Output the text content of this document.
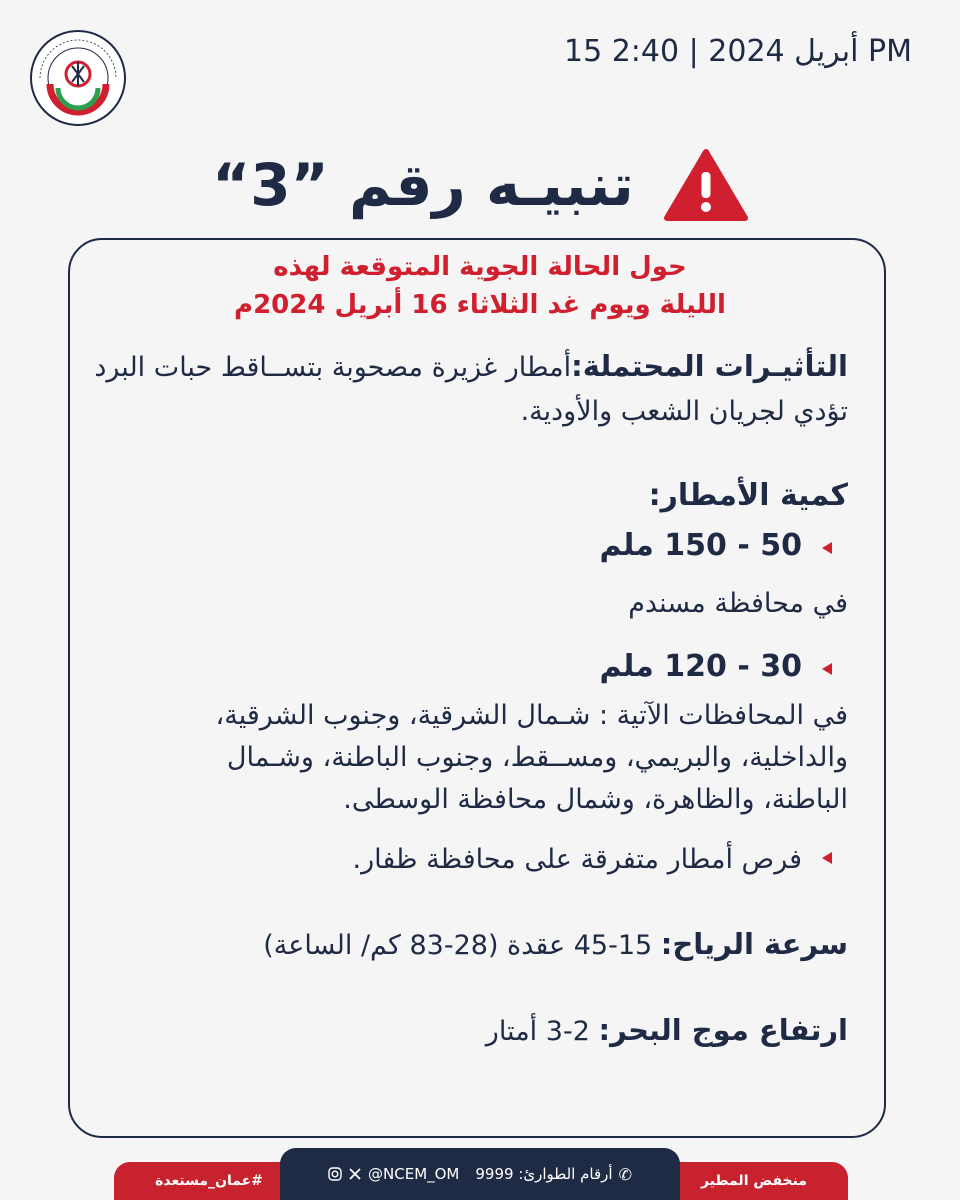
15 أبريل 2024 | 2:40 PM
تنبيـه رقم ”3“
حول الحالة الجوية المتوقعة لهذه
الليلة ويوم غد الثلاثاء 16 أبريل 2024م
التأثيـرات المحتملة:أمطار غزيرة مصحوبة بتســاقط حبات البرد
تؤدي لجريان الشعب والأودية.
كمية الأمطار:
50 - 150 ملم
في محافظة مسندم
30 - 120 ملم
في المحافظات الآتية : شـمال الشرقية، وجنوب الشرقية،
والداخلية، والبريمي، ومســقط، وجنوب الباطنة، وشـمال
الباطنة، والظاهرة، وشمال محافظة الوسطى.
فرص أمطار متفرقة على محافظة ظفار.
سرعة الرياح: 15-45 عقدة (28-83 كم/ الساعة)
ارتفاع موج البحر: 2-3 أمتار
#عمان_مستعدة	منخفض المطير
@NCEM_OM أرقام الطوارئ: 9999 ✆
